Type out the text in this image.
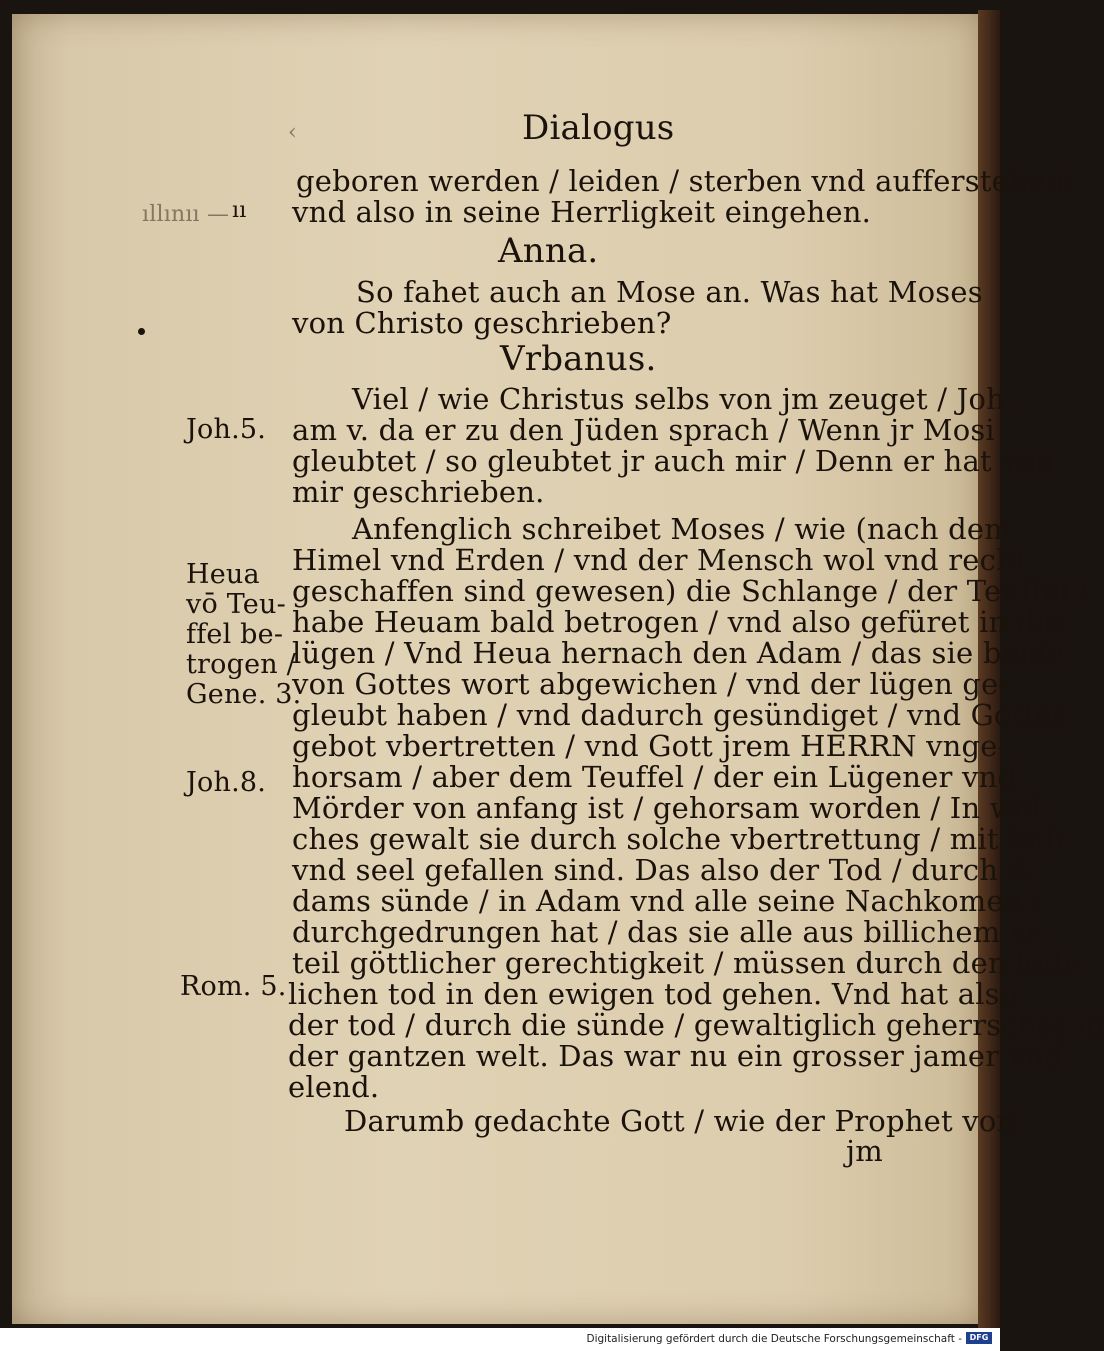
‹	Dialogus
ıllınıı — ıı
geboren werden / leiden / sterben vnd aufferstehen/
vnd also in seine Herrligkeit eingehen.
Anna.
So fahet auch an Mose an. Was hat Moses
von Christo geschrieben?
Vrbanus.
Viel / wie Christus selbs von jm zeuget / Joh.
Joh.5. am v. da er zu den Jüden sprach / Wenn jr Mosi
gleubtet / so gleubtet jr auch mir / Denn er hat von
mir geschrieben.
Anfenglich schreibet Moses / wie (nach dem
Himel vnd Erden / vnd der Mensch wol vnd recht
Heua
vō Teu-
ffel be-
trogen /
Gene. 3.
geschaffen sind gewesen) die Schlange / der Teuffel /
habe Heuam bald betrogen / vnd also gefüret in die
lügen / Vnd Heua hernach den Adam / das sie beide
von Gottes wort abgewichen / vnd der lügen ge-
gleubt haben / vnd dadurch gesündiget / vnd Gottes
gebot vbertretten / vnd Gott jrem HERRN vnge-
Joh.8. horsam / aber dem Teuffel / der ein Lügener vnd
Mörder von anfang ist / gehorsam worden / In wel-
ches gewalt sie durch solche vbertrettung / mit leib
vnd seel gefallen sind. Das also der Tod / durch A-
dams sünde / in Adam vnd alle seine Nachkomen /
durchgedrungen hat / das sie alle aus billichem vr-
teil göttlicher gerechtigkeit / müssen durch den leib-
Rom. 5. lichen tod in den ewigen tod gehen. Vnd hat also
der tod / durch die sünde / gewaltiglich geherrschet in
der gantzen welt. Das war nu ein grosser jamer vnd
elend.
Darumb gedachte Gott / wie der Prophet von
jm
Digitalisierung gefördert durch die Deutsche Forschungsgemeinschaft - DFG
